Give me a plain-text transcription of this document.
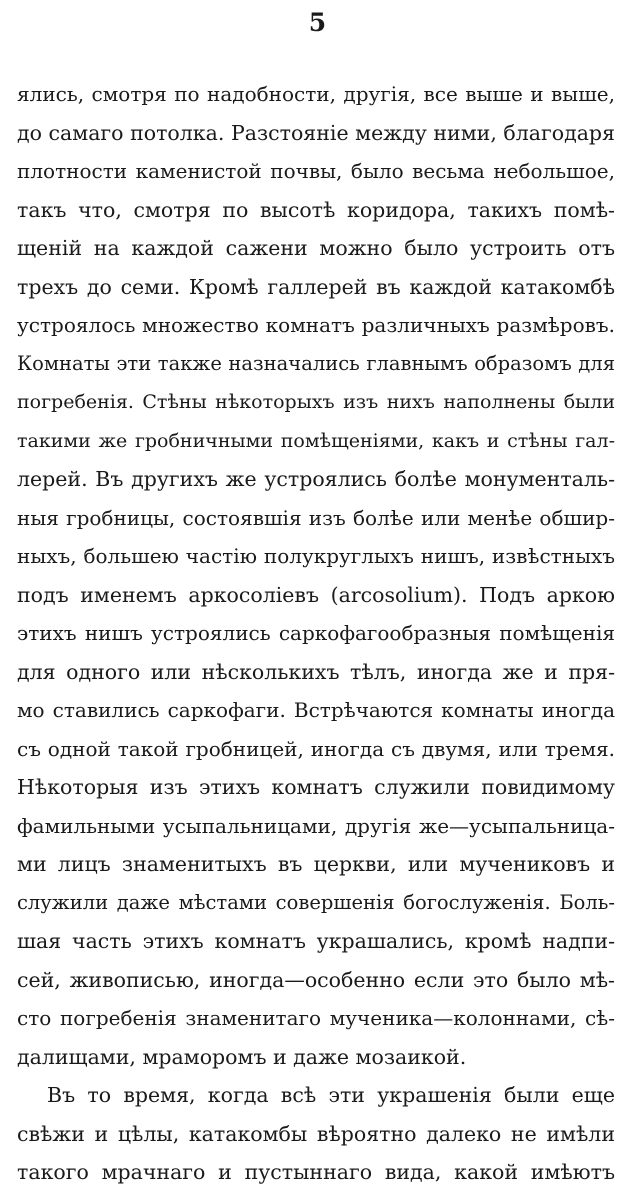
5
ялись, смотря по надобности, другія, все выше и выше,
до самаго потолка. Разстояніе между ними, благодаря
плотности каменистой почвы, было весьма небольшое,
такъ что, смотря по высотѣ коридора, такихъ помѣ-
щеній на каждой сажени можно было устроить отъ
трехъ до семи. Кромѣ галлерей въ каждой катакомбѣ
устроялось множество комнатъ различныхъ размѣровъ.
Комнаты эти также назначались главнымъ образомъ для
погребенія. Стѣны нѣкоторыхъ изъ нихъ наполнены были
такими же гробничными помѣщеніями, какъ и стѣны гал-
лерей. Въ другихъ же устроялись болѣе монументаль-
ныя гробницы, состоявшія изъ болѣе или менѣе обшир-
ныхъ, большею частію полукруглыхъ нишъ, извѣстныхъ
подъ именемъ аркосоліевъ (arcosolium). Подъ аркою
этихъ нишъ устроялись саркофагообразныя помѣщенія
для одного или нѣсколькихъ тѣлъ, иногда же и пря-
мо ставились саркофаги. Встрѣчаются комнаты иногда
съ одной такой гробницей, иногда съ двумя, или тремя.
Нѣкоторыя изъ этихъ комнатъ служили повидимому
фамильными усыпальницами, другія же—усыпальница-
ми лицъ знаменитыхъ въ церкви, или мучениковъ и
служили даже мѣстами совершенія богослуженія. Боль-
шая часть этихъ комнатъ украшались, кромѣ надпи-
сей, живописью, иногда—особенно если это было мѣ-
сто погребенія знаменитаго мученика—колоннами, сѣ-
далищами, мраморомъ и даже мозаикой.
Въ то время, когда всѣ эти украшенія были еще
свѣжи и цѣлы, катакомбы вѣроятно далеко не имѣли
такого мрачнаго и пустыннаго вида, какой имѣютъ
